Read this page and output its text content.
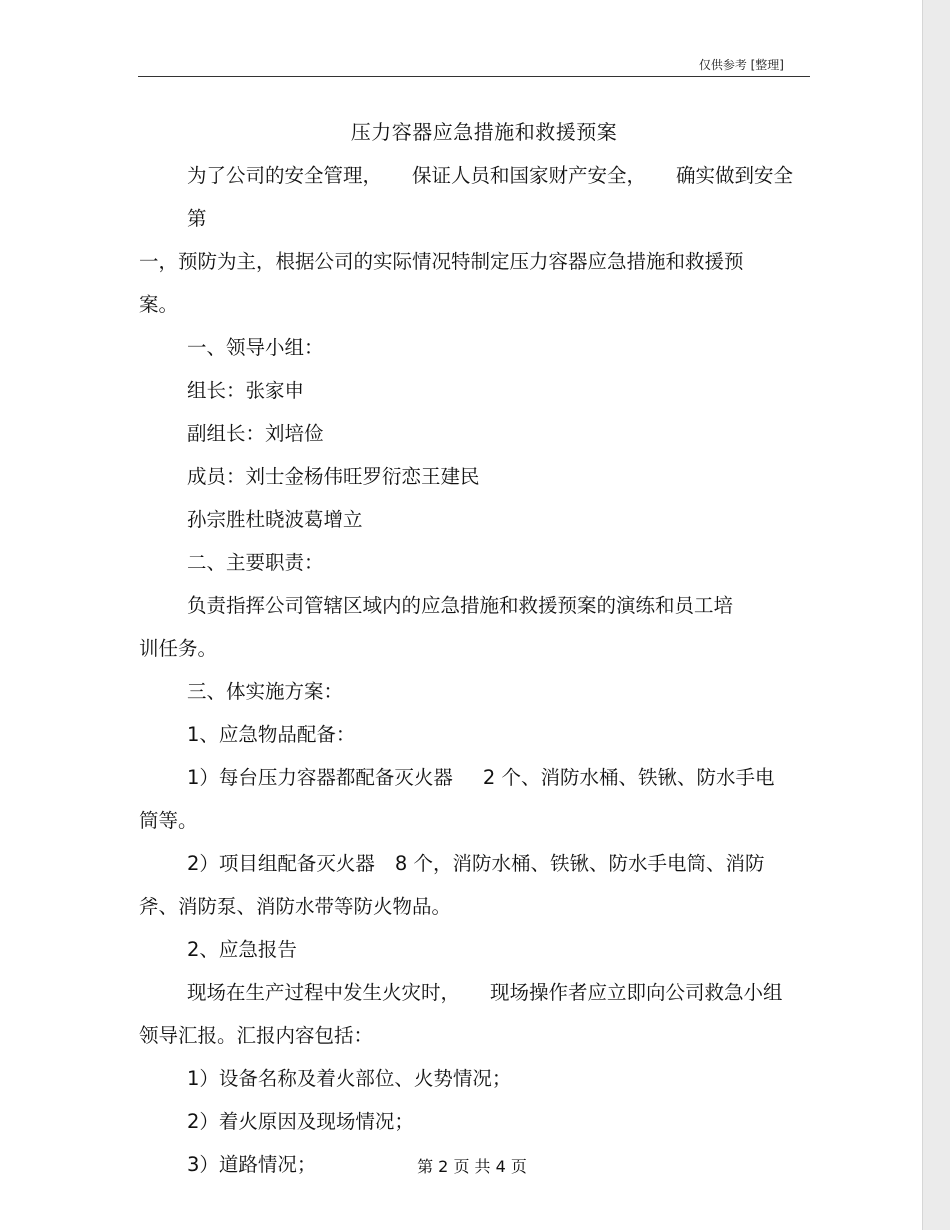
仅供参考 [整理]
压力容器应急措施和救援预案

为了公司的安全管理， 保证人员和国家财产安全， 确实做到安全第

一，预防为主，根据公司的实际情况特制定压力容器应急措施和救援预

案。

一、领导小组：

组长：张家申

副组长：刘培俭

成员：刘士金杨伟旺罗衍恋王建民

孙宗胜杜晓波葛增立

二、主要职责：

负责指挥公司管辖区域内的应急措施和救援预案的演练和员工培

训任务。

三、体实施方案：

1、应急物品配备：

1）每台压力容器都配备灭火器 2 个、消防水桶、铁锹、防水手电

筒等。

2）项目组配备灭火器 8 个，消防水桶、铁锹、防水手电筒、消防

斧、消防泵、消防水带等防火物品。

2、应急报告

现场在生产过程中发生火灾时， 现场操作者应立即向公司救急小组

领导汇报。汇报内容包括：

1）设备名称及着火部位、火势情况；

2）着火原因及现场情况；

3）道路情况；	第 2 页 共 4 页
